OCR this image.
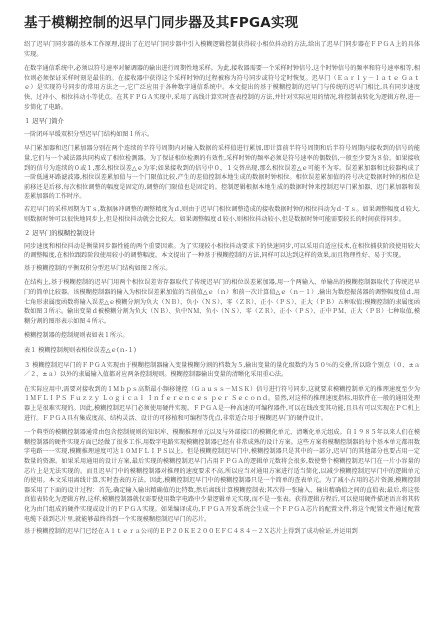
基于模糊控制的迟早门同步器及其FPGA实现
绍了迟早门同步器的基本工作原理,提出了在迟早门同步器中引入模糊逻辑控制获得较小相位抖动的方法,给出了迟早门同步器在ＦＰＧＡ上的具体实现。
在数字通信系统中,必须以符号速率对解调器的输出进行周期性地采样。为此,接收器需要一个采样时钟信号,这个时钟信号的频率和符号速率相等,相位则必须保证采样时刻是最佳的。在接收器中获得这个采样时钟的过程被称为符号同步或符号定时恢复。迟早门（Ｅａｒｌｙ－ｌａｔｅ Ｇａｔｅ）是实现符号同步的常用方法之一,它广泛应用于各种数字通信系统中。本文提出的基于模糊控制的迟早门与传统的迟早门相比,具有同步速度快、过冲小、相位抖动小等优点。在其ＦＰＧＡ实现中,采用了高线计算实时查表控制的方法,并针对实际应用的情况,将控制表转化为逻辑方程,进一步简化了电路。
１ 迟早门简介
一阶闭环早缓双积分型迟早门结构如图１所示。
早门累加器和迟门累加器分别在两个连续的半符号周期内对输入数据的采样值进行累加,即计算前半符号周期和后半符号周期内接收到的信号的能量,它们与一个减法器共同构成了相位检测器。为了保证相位检测的有效性,采样时钟的频率必须是符号速率的偶数倍,一般至少要为８倍。如果接收到的信号为连续的０或１,那么相位误差△ｅ为零;如果接收到的信号中０、１交替出现,那么相位误差△ｅ可能不为零。误差累加器和比较器构成了一阶低通环路滤波器,相位误差累加值与一个门限值比较,产生的差值控制本地生成的数据时钟相位。相位误差累加值的符号决定数据时钟的相位是前移还是后移,每次相位调整的幅度是固定的,调整的门限值也是固定的。控制逻辑根据本地生成的数据时钟来控制迟早门累加器、迟门累加器和误差累加器的工作时序。
若迟早门的采样周期为Ｔｓ,数据脉冲调整的调整精度为ｄ,则由于迟早门相位调整造成的接收数据时钟的相位抖动为ｄ·Ｔｓ。如果调整幅度ｄ较大,则数据时钟可以很快地同步上,但是相位抖动就会比较大。如果调整幅度ｄ较小,则相位抖动较小,但是数据时钟可能需要较长的时间获得同步。
２ 迟早门的模糊控制设计
同步速度和相位抖动是衡量同步器性能的两个重要因素。为了实现较小相位抖动要求下的快速同步,可以采用自适应技术,在相位捕获阶段使用较大的调整幅度,在相位跟踪阶段使用较小的调整幅度。本文提出了一种基于模糊控制的方法,同样可以达到这样的效果,而且物理性好、易于实现。
基于模糊控制的平衡双积分型迟早门结构如图２所示。
在结构上,基于模糊控制的迟早门用两个相位误差寄存器取代了传统迟早门的相位误差累加器,用一个两输入、单输出的模糊控制器取代了传统迟早门的简单比较器。该模糊控制器的输入为相位误差累加值的当前值△ｅ（ｎ）和前一次计算值△ｅ（ｎ－１）,输出为数控振荡器的调整幅度值ｄ,用七角形隶属度函数将输入误差△ｅ模糊分割为负大（ＮＢ）、负小（ＮＳ）、零（ＺＲ）、正小（ＰＳ）、正大（ＰＢ）五种取值;模糊控制的隶属度函数如图３所示。输出变量ｄ被模糊分割为负大（ＮＢ）、负中ＮＭ、负小（ＮＳ）、零（ＺＲ）、正小（ＰＳ）、正中ＰＭ、正大（ＰＢ）七种取值,模糊分割的图形表示如图４所示。
模糊控制器的控制规则表如表１所示。
表１ 模糊控制规则表相位误差△ｅ(ｎ-１)
３ 模糊控制迟早门的ＦＰＧＡ实现由于模糊控制器输入变量模糊分割的档数为５,输出变量的量化级数约为５０％的交叠,所以除个别点（０、±ａ／２、±ａ）以外的隶属输入值都对应两条控制规则。模糊控制器输出变量的清晰化采用重心法。
在实际应用中,需要对接收到的１Ｍｂｐｓ高斯最小频移键控（Ｇａｕｓｓ－ＭＳＫ）信号进行符号同步,这就要求模糊控制单元的推理速度至少为１ＭＦＬＩＰＳ Ｆｕｚｚｙ Ｌｏｇｉｃａｌ Ｉｎｆｅｒｅｎｃｅｓ ｐｅｒ Ｓｅｃｏｎｄ。显然,对这样的推理速度指标,用软件在一般的通用处理器上是很难实现的。因此,模糊控制迟早门必须使用硬件实现。ＦＰＧＡ是一种高速的可编程器件,可以在线改变其功能,且具有可以实现在ＰＣ机上进行。ＦＰＧＡ具有集成度高、结构灵活、设计的可移植和可编程等优点,非常适合用于模糊迟早门的硬件设计。
一个典型的模糊控制器通常由包含控制规则的知识库、模糊推理单元以及与外部接口的模糊化单元、清晰化单元组成。自１９８５年以来人们在模糊控制器的硬件实现方面已经做了很多工作,用数字电路实现模糊控制器已经有非常成熟的设计方案。这些方案将模糊控制器的每个基本单元都用数字电路一一实现,模糊推理速度可达１０ＭＦＬＩＰＳ以上。但是模糊控制迟早门中,模糊控制器只是其中的一部分,迟早门的其他部分也要占用一定数量的资源。如果采用通用的设计方案,最后实现的模糊控制迟早门占用ＦＰＧＡ的逻辑单元数将会很多,数使整个模糊控制迟早门在一片小容量的芯片上是无法实现的。而且迟早门中的模糊控制器对推理的速度要求不高,所以应当对通用方案进行适当简化,以减少模糊控制迟早门中的逻辑单元的使用。本文采用离线计算,实时查表的方法。因此,模糊控制迟早门中的模糊控制器只是一个简单的查表单元。为了减小占用的芯片资源,模糊控制器采用了下面的设计过程：首先,确定输入输出精确值的比特数,然后离线计算模糊控制表;其次得一张输入、输出精确值之间的直值表;最后,将这张真值表转化为逻辑方程,这样,模糊控制器就仅需要使用数字电路中少量逻辑单元实现,而不是一张表。获得逻辑方程后,可以使用硬件描述语言将其转化为由门组成的硬件实现或设计的ＦＰＧＡ实现。如果编译成功,ＦＰＧＡ开发系统会生成一个ＦＰＧＡ芯片的配置文件,将这个配置文件通过配置电缆下载到芯片里,就能够最终得到一个实现模糊控制迟早门的芯片。
基于模糊控制的迟早门已经在Ａｌｔｅｒａ公司的ＥＰ２０ＫＥ２００ＥＦＣ４８４－２Ｘ芯片上得到了成功验证,并运用到
